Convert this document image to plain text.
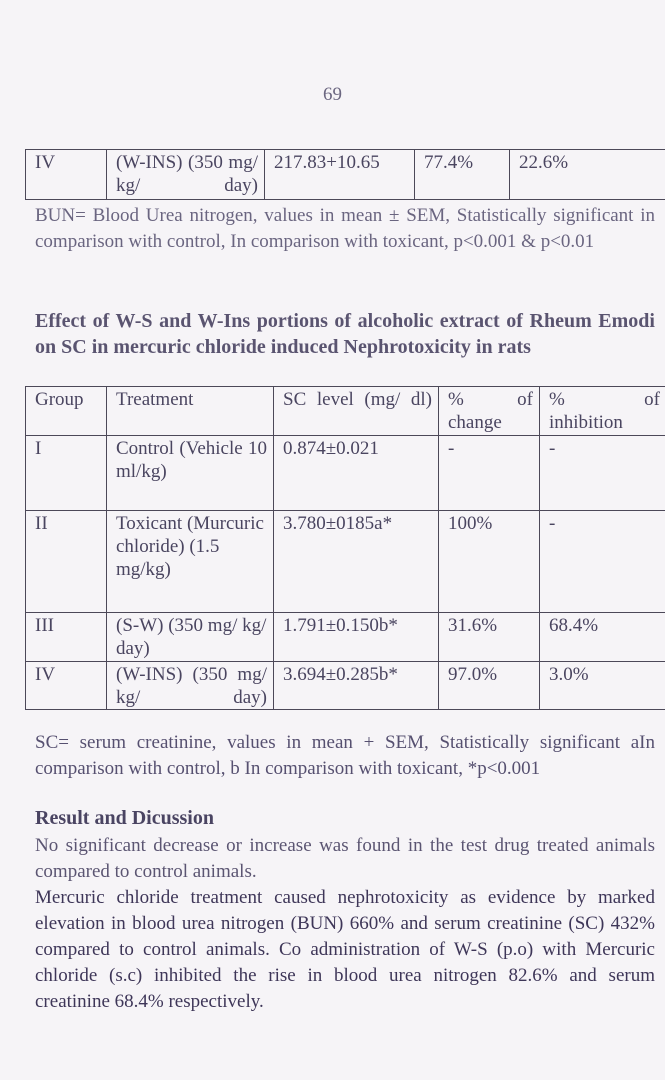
69
IV	(W-INS) (350 mg/ kg/ day)	217.83+10.65	77.4%	22.6%
BUN= Blood Urea nitrogen, values in mean ± SEM, Statistically significant in comparison with control, In comparison with toxicant, p<0.001 & p<0.01
Effect of W-S and W-Ins portions of alcoholic extract of Rheum Emodi on SC in mercuric chloride induced Nephrotoxicity in rats
Group	Treatment	SC level (mg/ dl)	% of change	% of inhibition
I	Control (Vehicle 10 ml/kg)	0.874±0.021	-	-
II	Toxicant (Murcuric chloride) (1.5 mg/kg)	3.780±0185a*	100%	-
III	(S-W) (350 mg/ kg/ day)	1.791±0.150b*	31.6%	68.4%
IV	(W-INS) (350 mg/ kg/ day)	3.694±0.285b*	97.0%	3.0%
SC= serum creatinine, values in mean + SEM, Statistically significant aIn comparison with control, b In comparison with toxicant, *p<0.001
Result and Dicussion
No significant decrease or increase was found in the test drug treated animals compared to control animals.
Mercuric chloride treatment caused nephrotoxicity as evidence by marked elevation in blood urea nitrogen (BUN) 660% and serum creatinine (SC) 432% compared to control animals. Co administration of W-S (p.o) with Mercuric chloride (s.c) inhibited the rise in blood urea nitrogen 82.6% and serum creatinine 68.4% respectively.
